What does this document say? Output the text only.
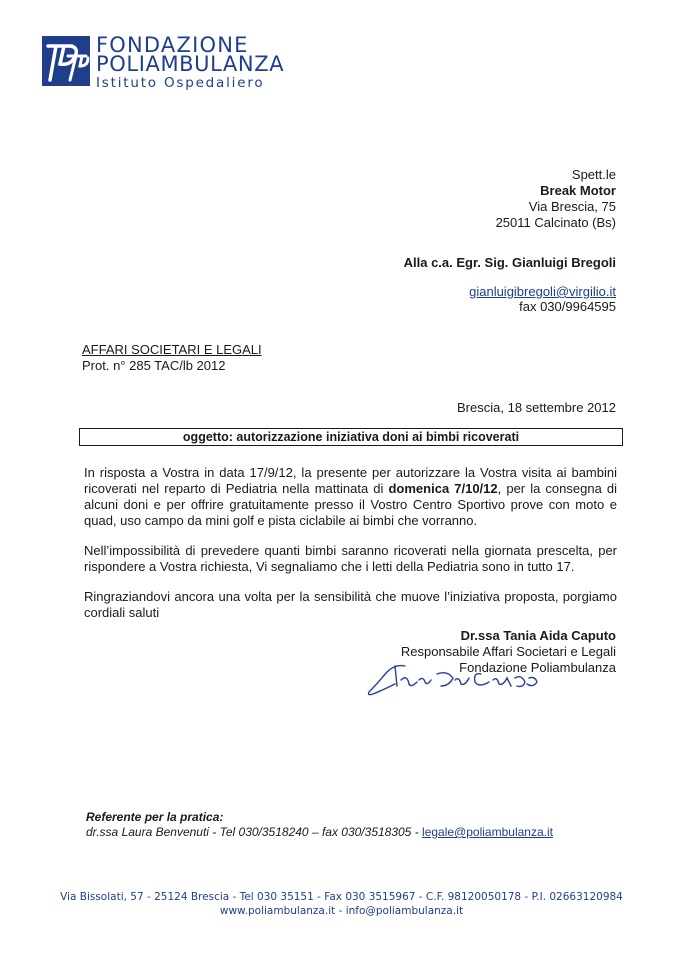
FONDAZIONE
POLIAMBULANZA
Istituto Ospedaliero
Spett.le
Break Motor
Via Brescia, 75
25011 Calcinato (Bs)
Alla c.a. Egr. Sig. Gianluigi Bregoli
gianluigibregoli@virgilio.it
fax 030/9964595
AFFARI SOCIETARI E LEGALI
Prot. n° 285 TAC/lb 2012
Brescia, 18 settembre 2012
oggetto: autorizzazione iniziativa doni ai bimbi ricoverati

In risposta a Vostra in data 17/9/12, la presente per autorizzare la Vostra visita ai bambini ricoverati nel reparto di Pediatria nella mattinata di domenica 7/10/12, per la consegna di alcuni doni e per offrire gratuitamente presso il Vostro Centro Sportivo prove con moto e quad, uso campo da mini golf e pista ciclabile ai bimbi che vorranno.

Nell’impossibilità di prevedere quanti bimbi saranno ricoverati nella giornata prescelta, per rispondere a Vostra richiesta, Vi segnaliamo che i letti della Pediatria sono in tutto 17.

Ringraziandovi ancora una volta per la sensibilità che muove l’iniziativa proposta, porgiamo cordiali saluti

Dr.ssa Tania Aida Caputo
Responsabile Affari Societari e Legali
Fondazione Poliambulanza
Referente per la pratica:
dr.ssa Laura Benvenuti - Tel 030/3518240 – fax 030/3518305 - legale@poliambulanza.it
Via Bissolati, 57 - 25124 Brescia - Tel 030 35151 - Fax 030 3515967 - C.F. 98120050178 - P.I. 02663120984
www.poliambulanza.it - info@poliambulanza.it
